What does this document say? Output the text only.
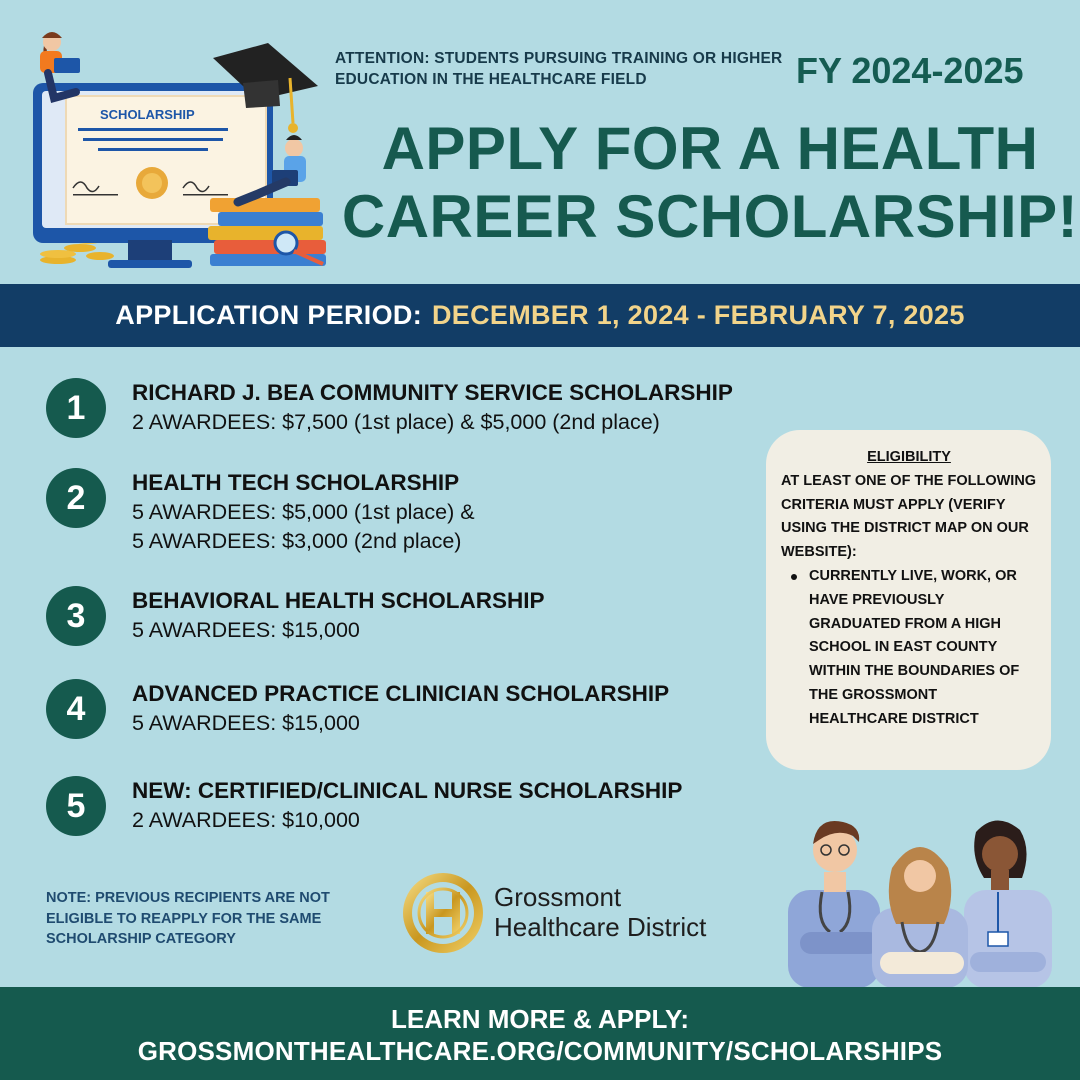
SCHOLARSHIP
ATTENTION: STUDENTS PURSUING TRAINING OR HIGHER EDUCATION IN THE HEALTHCARE FIELD	FY 2024-2025
APPLY FOR A HEALTH
CAREER SCHOLARSHIP!
APPLICATION PERIOD: DECEMBER 1, 2024 - FEBRUARY 7, 2025
1	RICHARD J. BEA COMMUNITY SERVICE SCHOLARSHIP
2 AWARDEES: $7,500 (1st place) & $5,000 (2nd place)
2	HEALTH TECH SCHOLARSHIP
5 AWARDEES: $5,000 (1st place) &
5 AWARDEES: $3,000 (2nd place)
3	BEHAVIORAL HEALTH SCHOLARSHIP
5 AWARDEES: $15,000
4	ADVANCED PRACTICE CLINICIAN SCHOLARSHIP
5 AWARDEES: $15,000
5	NEW: CERTIFIED/CLINICAL NURSE SCHOLARSHIP
2 AWARDEES: $10,000
ELIGIBILITY
AT LEAST ONE OF THE FOLLOWING CRITERIA MUST APPLY (VERIFY USING THE DISTRICT MAP ON OUR WEBSITE):
CURRENTLY LIVE, WORK, OR HAVE PREVIOUSLY GRADUATED FROM A HIGH SCHOOL IN EAST COUNTY WITHIN THE BOUNDARIES OF THE GROSSMONT HEALTHCARE DISTRICT
NOTE: PREVIOUS RECIPIENTS ARE NOT ELIGIBLE TO REAPPLY FOR THE SAME SCHOLARSHIP CATEGORY
Grossmont
Healthcare District
LEARN MORE & APPLY:
GROSSMONTHEALTHCARE.ORG/COMMUNITY/SCHOLARSHIPS
